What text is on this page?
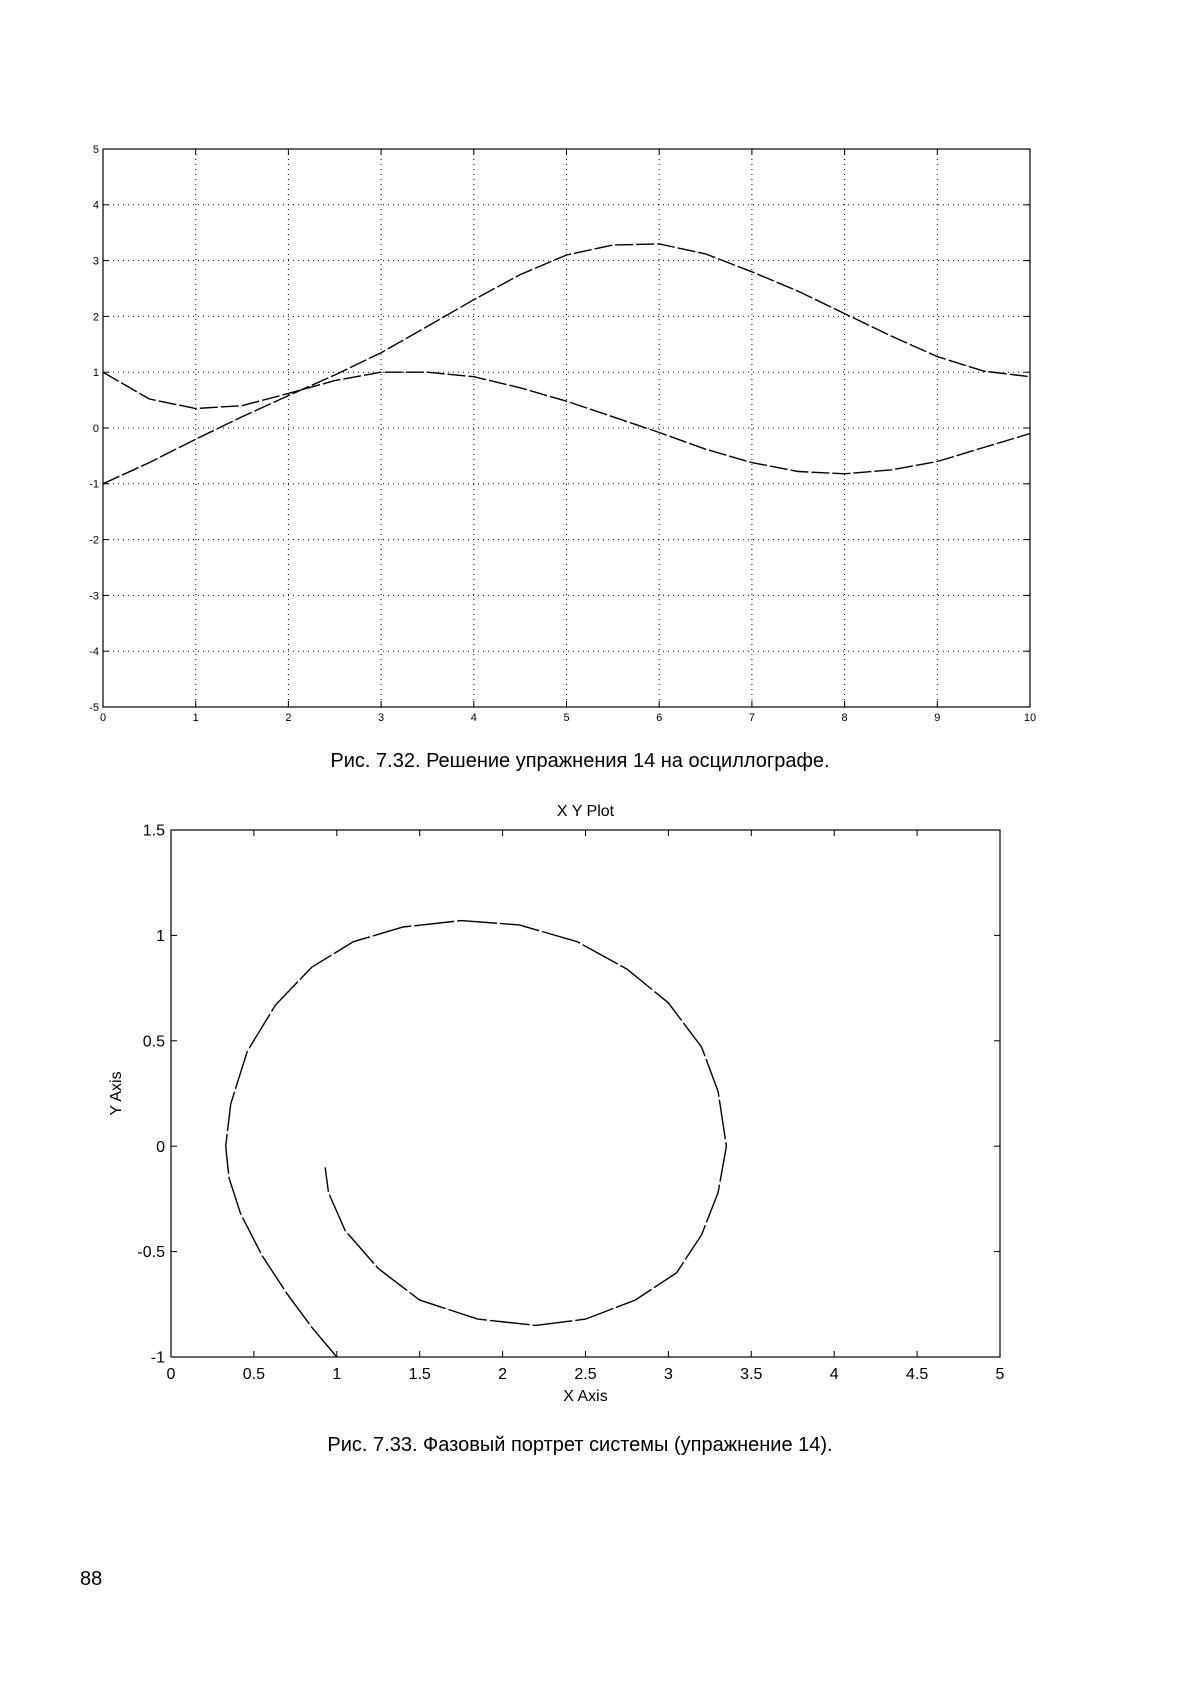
0	1	2	3	4	5	6	7	8	9	10
-5
-4
-3
-2
-1
0
1
2
3
4
5
Рис. 7.32. Решение упражнения 14 на осциллографе.
0	0.5	1	1.5	2	2.5	3	3.5	4	4.5	5
-1
-0.5
0
0.5
1
1.5
X Y Plot
X Axis
Y Axis
Рис. 7.33. Фазовый портрет системы (упражнение 14).
88
